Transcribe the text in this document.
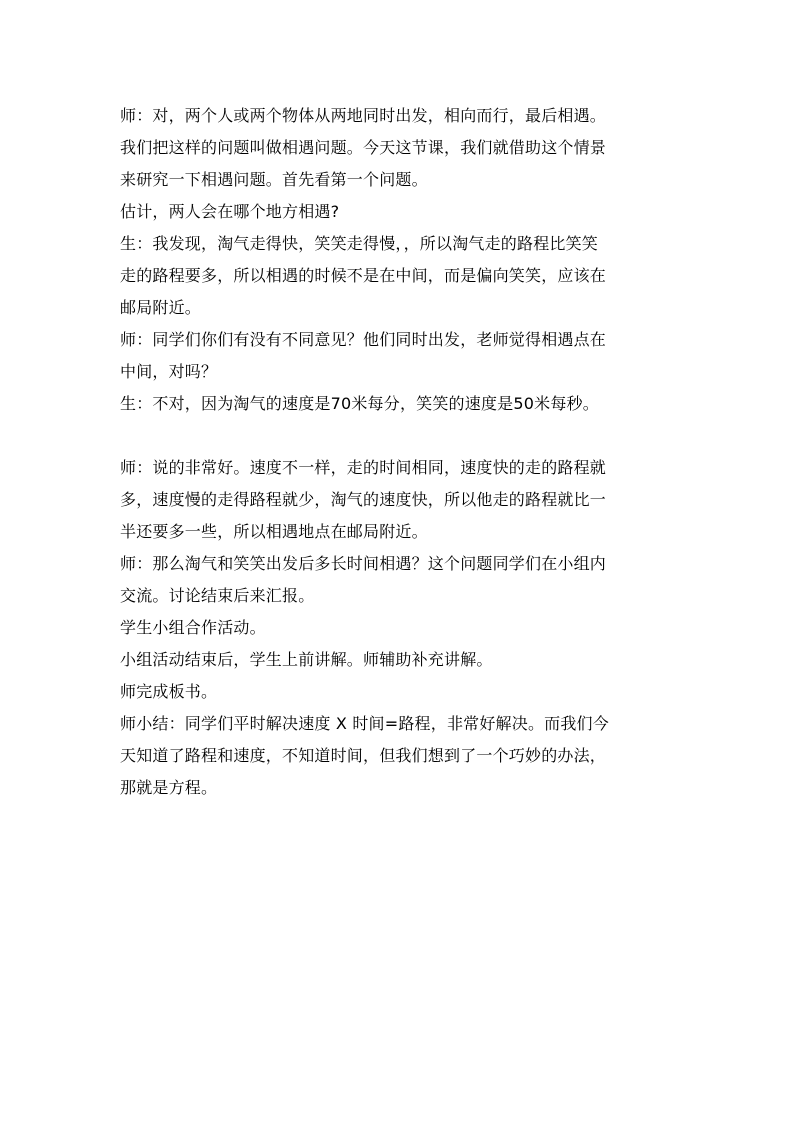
师：对，两个人或两个物体从两地同时出发，相向而行，最后相遇。
我们把这样的问题叫做相遇问题。今天这节课，我们就借助这个情景
来研究一下相遇问题。首先看第一个问题。

估计，两人会在哪个地方相遇?

生：我发现，淘气走得快，笑笑走得慢，，所以淘气走的路程比笑笑
走的路程要多，所以相遇的时候不是在中间，而是偏向笑笑，应该在
邮局附近。

师：同学们你们有没有不同意见？他们同时出发，老师觉得相遇点在
中间，对吗？

生：不对，因为淘气的速度是70米每分，笑笑的速度是50米每秒。

师：说的非常好。速度不一样，走的时间相同，速度快的走的路程就
多，速度慢的走得路程就少，淘气的速度快，所以他走的路程就比一
半还要多一些，所以相遇地点在邮局附近。

师：那么淘气和笑笑出发后多长时间相遇？这个问题同学们在小组内
交流。讨论结束后来汇报。

学生小组合作活动。

小组活动结束后，学生上前讲解。师辅助补充讲解。

师完成板书。

师小结：同学们平时解决速度 X 时间=路程，非常好解决。而我们今
天知道了路程和速度，不知道时间，但我们想到了一个巧妙的办法，
那就是方程。
